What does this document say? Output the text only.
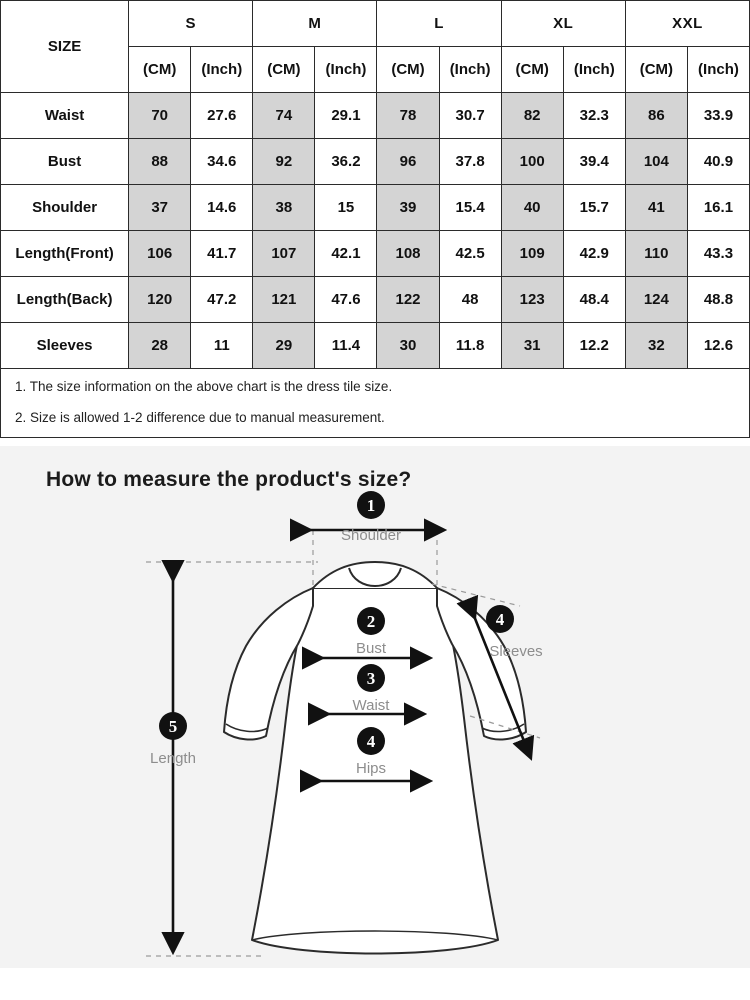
SIZE	S		M		L		XL		XXL	
	(CM)	(Inch)	(CM)	(Inch)	(CM)	(Inch)	(CM)	(Inch)	(CM)	(Inch)
Waist	70	27.6	74	29.1	78	30.7	82	32.3	86	33.9
Bust	88	34.6	92	36.2	96	37.8	100	39.4	104	40.9
Shoulder	37	14.6	38	15	39	15.4	40	15.7	41	16.1
Length(Front)	106	41.7	107	42.1	108	42.5	109	42.9	110	43.3
Length(Back)	120	47.2	121	47.6	122	48	123	48.4	124	48.8
Sleeves	28	11	29	11.4	30	11.8	31	12.2	32	12.6
1. The size information on the above chart is the dress tile size.
2. Size is allowed 1-2 difference due to manual measurement.
How to measure the product's size?
1
Shoulder
2
Bust
3
Waist
4
Hips
4
Sleeves
5
Length
